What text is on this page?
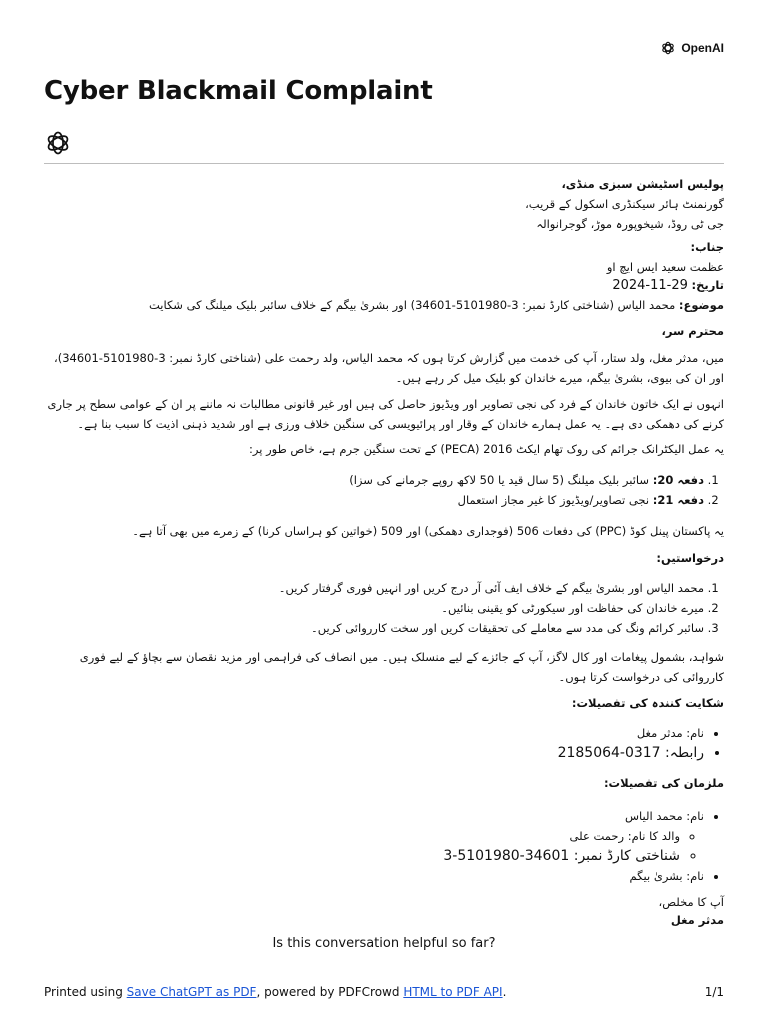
OpenAI
Cyber Blackmail Complaint
پولیس اسٹیشن سبزی منڈی،
گورنمنٹ ہائر سیکنڈری اسکول کے قریب،
جی ٹی روڈ، شیخوپورہ موڑ، گوجرانوالہ
جناب:
عظمت سعید ایس ایچ او
تاریخ: 2024-11-29
موضوع: محمد الیاس (شناختی کارڈ نمبر: 3-5101980-34601) اور بشریٰ بیگم کے خلاف سائبر بلیک میلنگ کی شکایت
محترم سر،
میں، مدثر مغل، ولد ستار، آپ کی خدمت میں گزارش کرتا ہوں کہ محمد الیاس، ولد رحمت علی (شناختی کارڈ نمبر: 3-5101980-34601)، اور ان کی بیوی، بشریٰ بیگم، میرے خاندان کو بلیک میل کر رہے ہیں۔
انہوں نے ایک خاتون خاندان کے فرد کی نجی تصاویر اور ویڈیوز حاصل کی ہیں اور غیر قانونی مطالبات نہ ماننے پر ان کے عوامی سطح پر جاری کرنے کی دھمکی دی ہے۔ یہ عمل ہمارے خاندان کے وقار اور پرائیویسی کی سنگین خلاف ورزی ہے اور شدید ذہنی اذیت کا سبب بنا ہے۔
یہ عمل الیکٹرانک جرائم کی روک تھام ایکٹ 2016 (PECA) کے تحت سنگین جرم ہے، خاص طور پر:
1. دفعہ 20: سائبر بلیک میلنگ (5 سال قید یا 50 لاکھ روپے جرمانے کی سزا)
2. دفعہ 21: نجی تصاویر/ویڈیوز کا غیر مجاز استعمال
یہ پاکستان پینل کوڈ (PPC) کی دفعات 506 (فوجداری دھمکی) اور 509 (خواتین کو ہراساں کرنا) کے زمرے میں بھی آتا ہے۔
درخواستیں:
1. محمد الیاس اور بشریٰ بیگم کے خلاف ایف آئی آر درج کریں اور انہیں فوری گرفتار کریں۔
2. میرے خاندان کی حفاظت اور سیکورٹی کو یقینی بنائیں۔
3. سائبر کرائم ونگ کی مدد سے معاملے کی تحقیقات کریں اور سخت کارروائی کریں۔
شواہد، بشمول پیغامات اور کال لاگز، آپ کے جائزے کے لیے منسلک ہیں۔ میں انصاف کی فراہمی اور مزید نقصان سے بچاؤ کے لیے فوری کارروائی کی درخواست کرتا ہوں۔
شکایت کنندہ کی تفصیلات:
• نام: مدثر مغل
• رابطہ: 2185064-0317
ملزمان کی تفصیلات:
• نام: محمد الیاس
◦ والد کا نام: رحمت علی
◦ شناختی کارڈ نمبر: 3-5101980-34601
• نام: بشریٰ بیگم
آپ کا مخلص،
مدثر مغل
Is this conversation helpful so far?
Printed using Save ChatGPT as PDF, powered by PDFCrowd HTML to PDF API.	1/1
